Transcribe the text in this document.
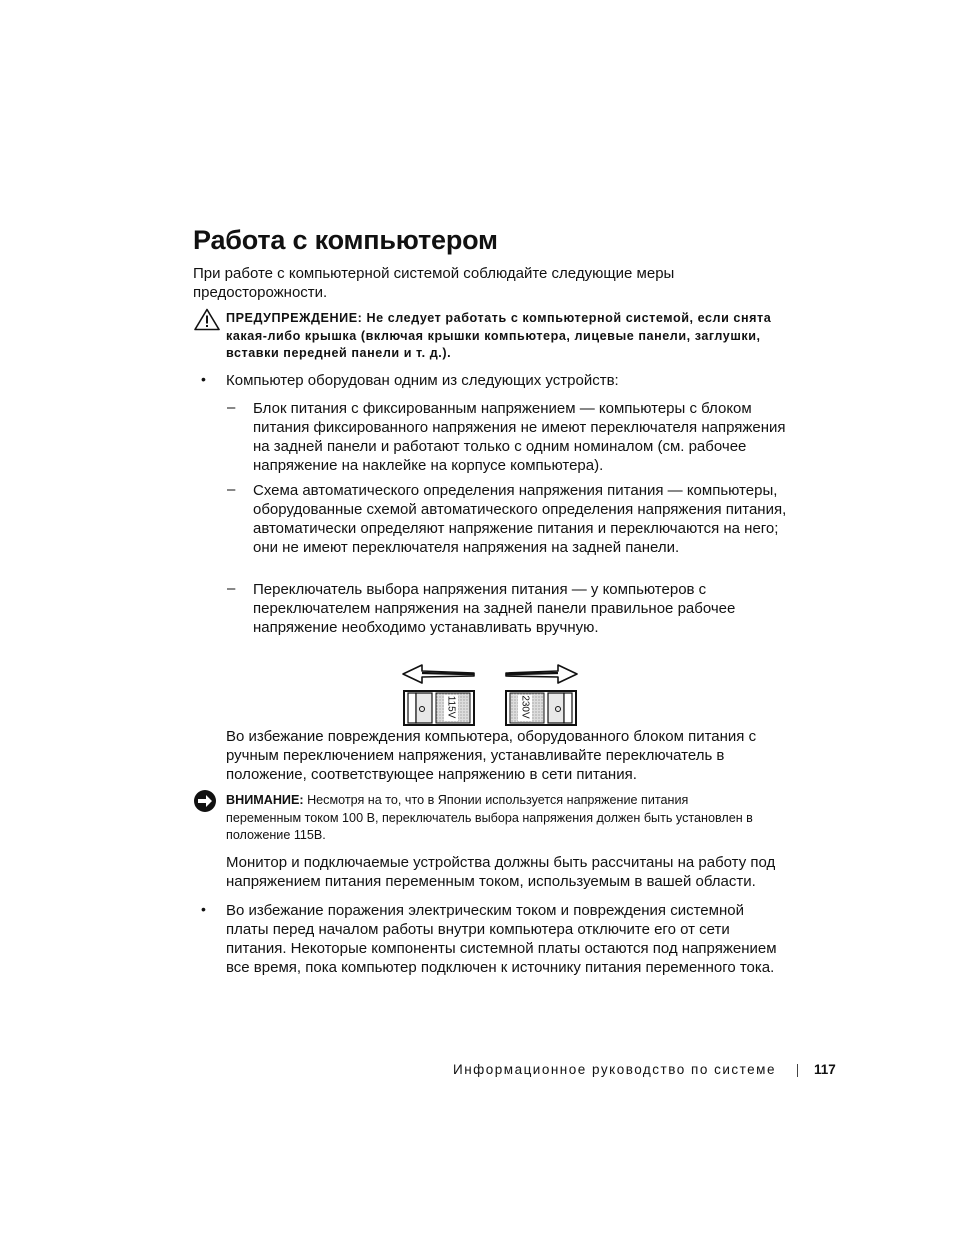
Работа с компьютером
При работе с компьютерной системой соблюдайте следующие меры предосторожности.
ПРЕДУПРЕЖДЕНИЕ: Не следует работать с компьютерной системой, если снята какая-либо крышка (включая крышки компьютера, лицевые панели, заглушки, вставки передней панели и т. д.).
• Компьютер оборудован одним из следующих устройств:
– Блок питания с фиксированным напряжением — компьютеры с блоком питания фиксированного напряжения не имеют переключателя напряжения на задней панели и работают только с одним номиналом (см. рабочее напряжение на наклейке на корпусе компьютера).
– Схема автоматического определения напряжения питания — компьютеры, оборудованные схемой автоматического определения напряжения питания, автоматически определяют напряжение питания и переключаются на него; они не имеют переключателя напряжения на задней панели.
– Переключатель выбора напряжения питания — у компьютеров с переключателем напряжения на задней панели правильное рабочее напряжение необходимо устанавливать вручную.
115V	230V
Во избежание повреждения компьютера, оборудованного блоком питания с ручным переключением напряжения, устанавливайте переключатель в положение, соответствующее напряжению в сети питания.
ВНИМАНИЕ: Несмотря на то, что в Японии используется напряжение питания переменным током 100 В, переключатель выбора напряжения должен быть установлен в положение 115В.
Монитор и подключаемые устройства должны быть рассчитаны на работу под напряжением питания переменным током, используемым в вашей области.
• Во избежание поражения электрическим током и повреждения системной платы перед началом работы внутри компьютера отключите его от сети питания. Некоторые компоненты системной платы остаются под напряжением все время, пока компьютер подключен к источнику питания переменного тока.
Информационное руководство по системе	117
